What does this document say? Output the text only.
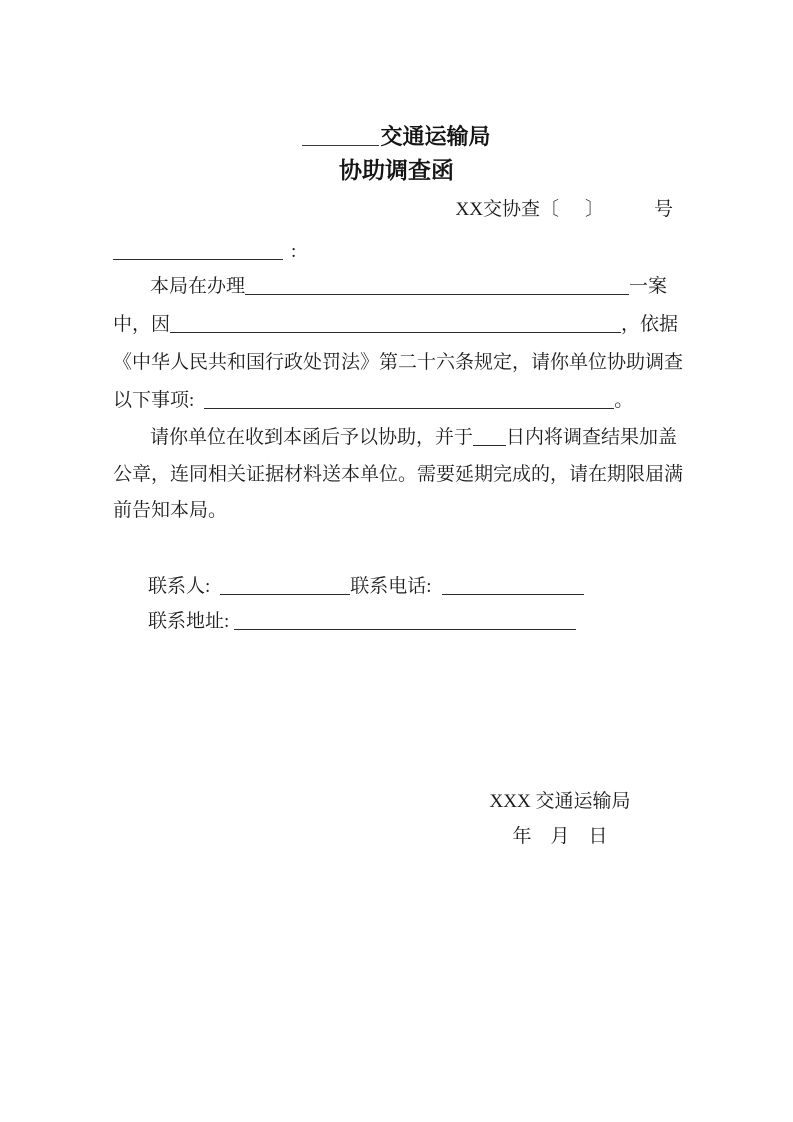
交通运输局
协助调查函
XX交协查〔 〕	号
:
本局在办理	一案
中，因	，依据
《中华人民共和国行政处罚法》第二十六条规定，请你单位协助调查
以下事项:	。
请你单位在收到本函后予以协助，并于 日内将调查结果加盖
公章，连同相关证据材料送本单位。需要延期完成的，请在期限届满
前告知本局。
联系人:	联系电话:
联系地址:
XXX 交通运输局
年　月　日
